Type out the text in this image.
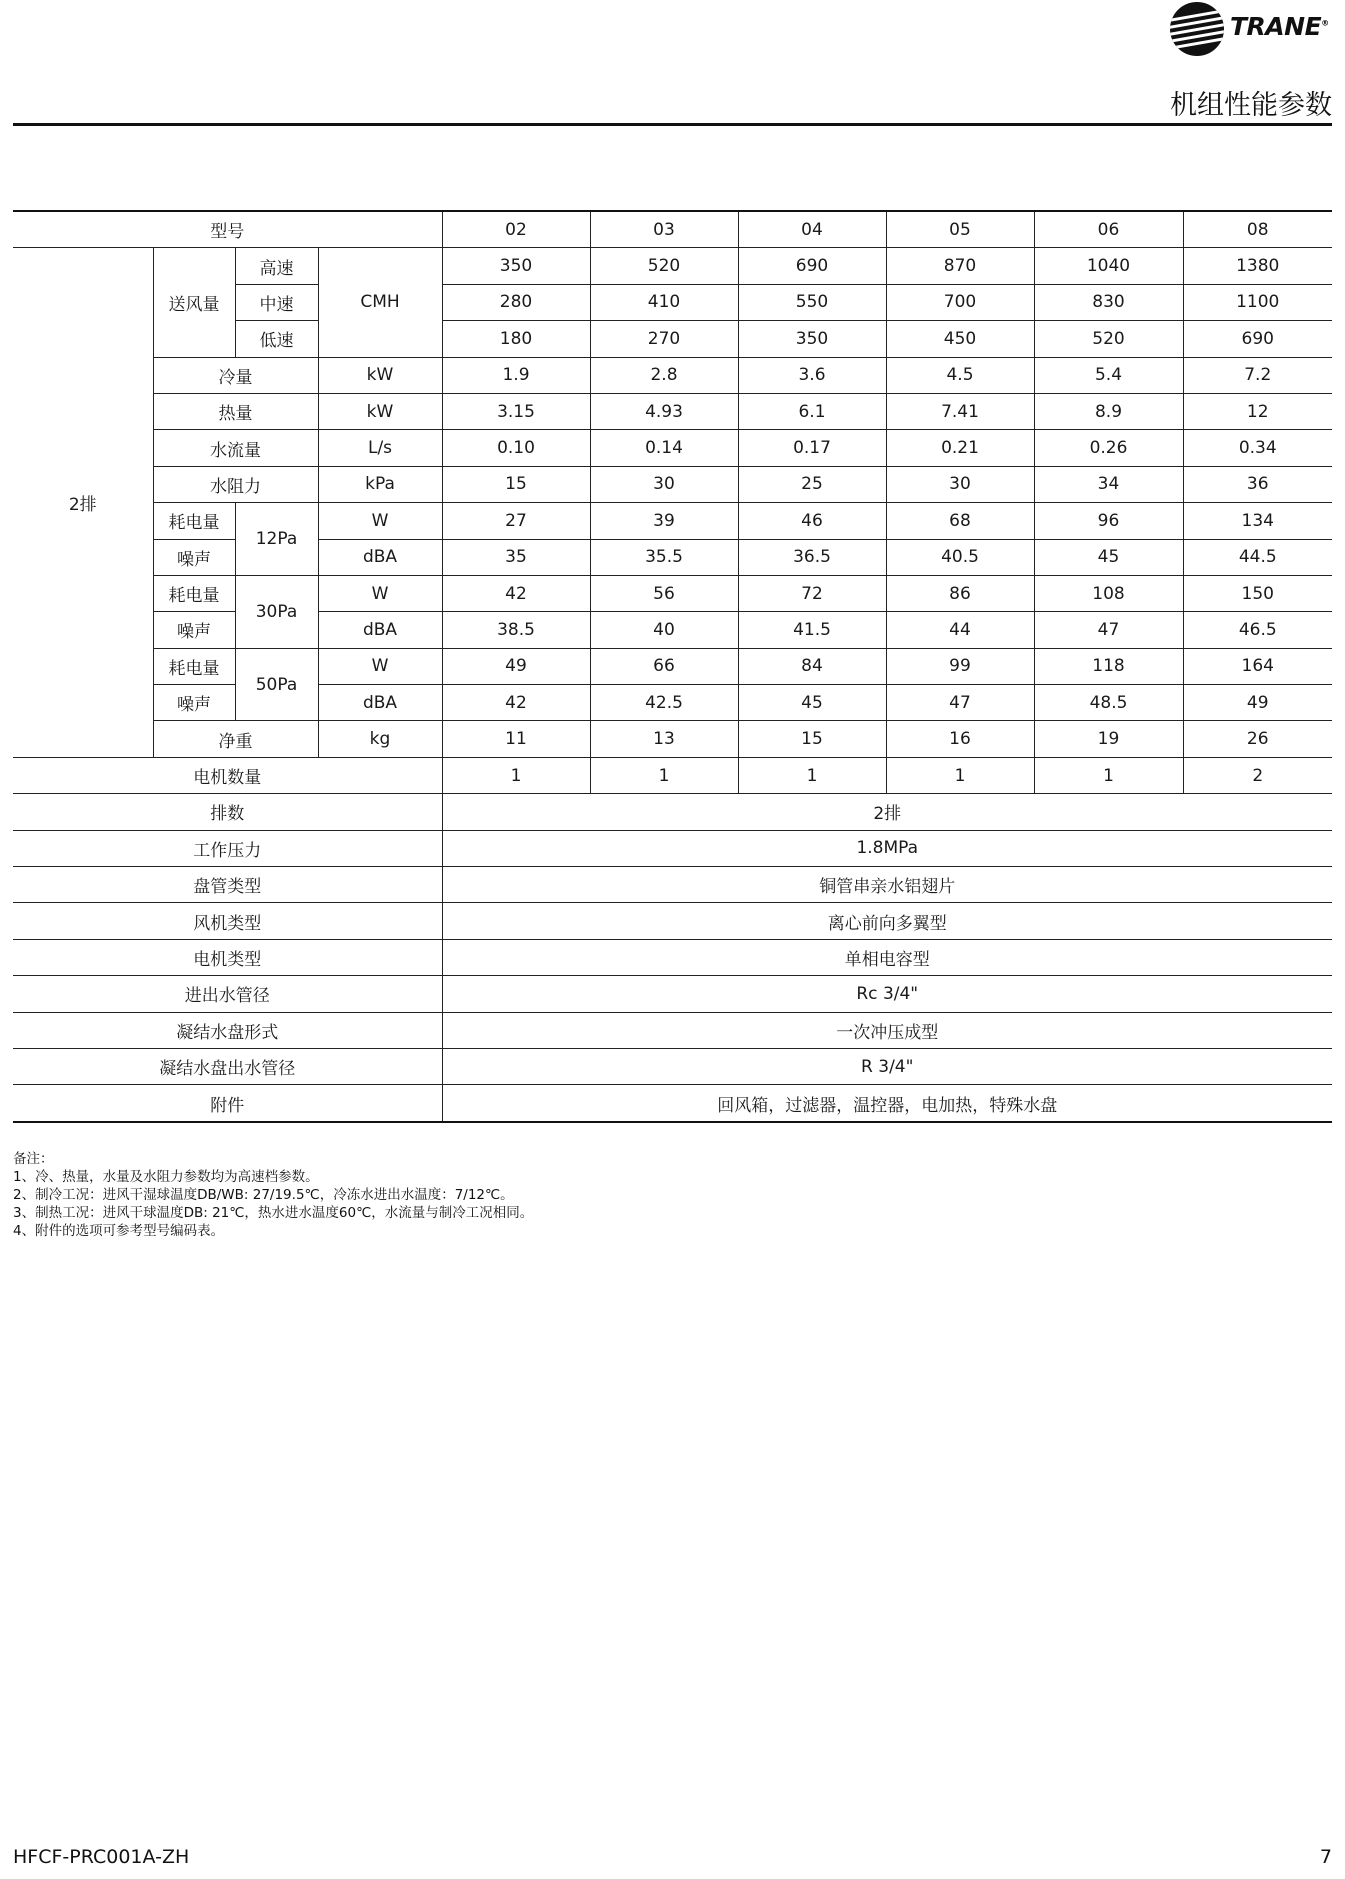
TRANE®
机组性能参数
型号				02	03	04	05	06	08
2排	送风量	高速	CMH	350	520	690	870	1040	1380
		中速		280	410	550	700	830	1100
		低速		180	270	350	450	520	690
	冷量		kW	1.9	2.8	3.6	4.5	5.4	7.2
	热量		kW	3.15	4.93	6.1	7.41	8.9	12
	水流量		L/s	0.10	0.14	0.17	0.21	0.26	0.34
	水阻力		kPa	15	30	25	30	34	36
	耗电量	12Pa	W	27	39	46	68	96	134
	噪声		dBA	35	35.5	36.5	40.5	45	44.5
	耗电量	30Pa	W	42	56	72	86	108	150
	噪声		dBA	38.5	40	41.5	44	47	46.5
	耗电量	50Pa	W	49	66	84	99	118	164
	噪声		dBA	42	42.5	45	47	48.5	49
	净重		kg	11	13	15	16	19	26
电机数量				1	1	1	1	1	2
排数				2排					
工作压力				1.8MPa					
盘管类型				铜管串亲水铝翅片					
风机类型				离心前向多翼型					
电机类型				单相电容型					
进出水管径				Rc 3/4"					
凝结水盘形式				一次冲压成型					
凝结水盘出水管径				R 3/4"					
附件				回风箱，过滤器，温控器，电加热，特殊水盘					
备注：
1、冷、热量，水量及水阻力参数均为高速档参数。
2、制冷工况：进风干湿球温度DB/WB: 27/19.5℃，冷冻水进出水温度：7/12℃。
3、制热工况：进风干球温度DB: 21℃，热水进水温度60℃，水流量与制冷工况相同。
4、附件的选项可参考型号编码表。
HFCF-PRC001A-ZH	7
